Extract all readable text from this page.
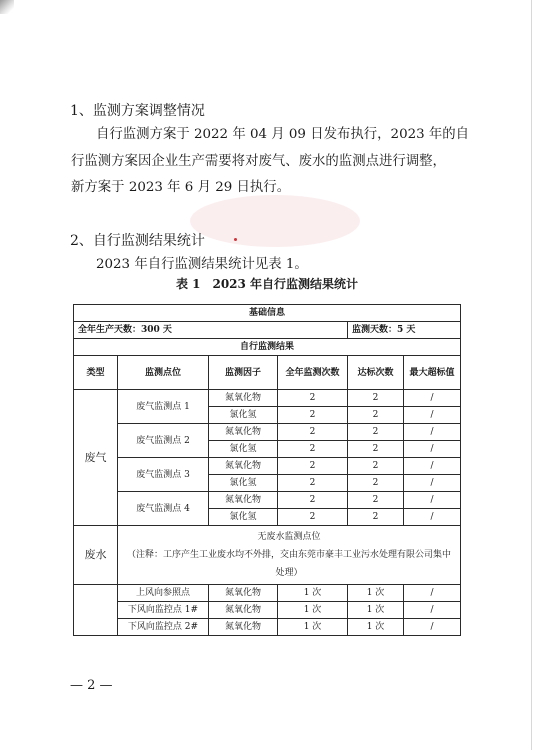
1、监测方案调整情况
自行监测方案于 2022 年 04 月 09 日发布执行，2023 年的自
行监测方案因企业生产需要将对废气、废水的监测点进行调整，
新方案于 2023 年 6 月 29 日执行。
2、自行监测结果统计
2023 年自行监测结果统计见表 1。
表 1　2023 年自行监测结果统计
基础信息					
全年生产天数：300 天				监测天数：5 天	
自行监测结果					
类型	监测点位	监测因子	全年监测次数	达标次数	最大超标值
废气	废气监测点 1	氮氧化物	2	2	/
		氯化氢	2	2	/
	废气监测点 2	氮氧化物	2	2	/
		氯化氢	2	2	/
	废气监测点 3	氮氧化物	2	2	/
		氯化氢	2	2	/
	废气监测点 4	氮氧化物	2	2	/
		氯化氢	2	2	/
废水	无废水监测点位
（注释：工序产生工业废水均不外排，交由东莞市豪丰工业污水处理有限公司集中
处理）				

	上风向参照点	氮氧化物	1 次	1 次	/
	下风向监控点 1#	氮氧化物	1 次	1 次	/
	下风向监控点 2#	氮氧化物	1 次	1 次	/
— 2 —
